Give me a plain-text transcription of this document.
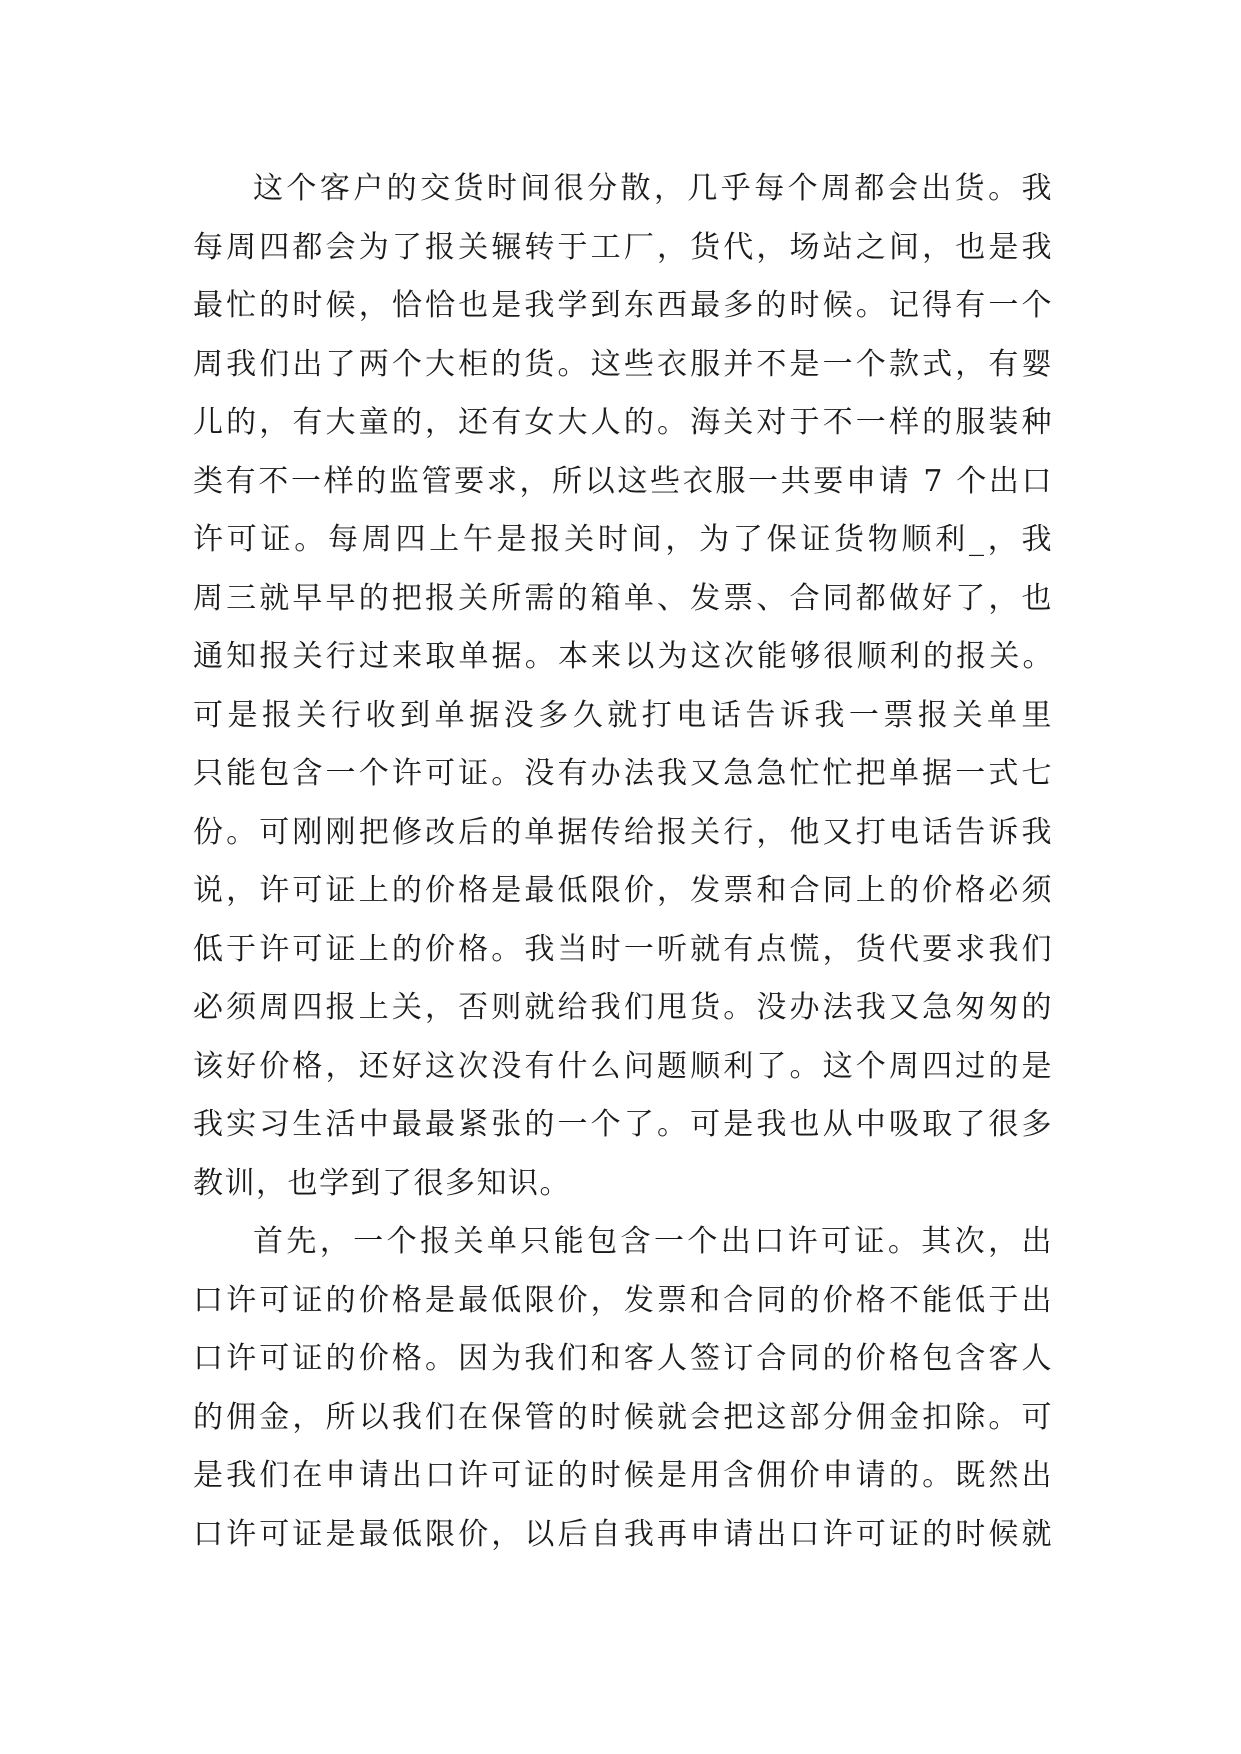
这个客户的交货时间很分散，几乎每个周都会出货。我
每周四都会为了报关辗转于工厂，货代，场站之间，也是我
最忙的时候，恰恰也是我学到东西最多的时候。记得有一个
周我们出了两个大柜的货。这些衣服并不是一个款式，有婴
儿的，有大童的，还有女大人的。海关对于不一样的服装种
类有不一样的监管要求，所以这些衣服一共要申请 7 个出口
许可证。每周四上午是报关时间，为了保证货物顺利_，我
周三就早早的把报关所需的箱单、发票、合同都做好了，也
通知报关行过来取单据。本来以为这次能够很顺利的报关。
可是报关行收到单据没多久就打电话告诉我一票报关单里
只能包含一个许可证。没有办法我又急急忙忙把单据一式七
份。可刚刚把修改后的单据传给报关行，他又打电话告诉我
说，许可证上的价格是最低限价，发票和合同上的价格必须
低于许可证上的价格。我当时一听就有点慌，货代要求我们
必须周四报上关，否则就给我们甩货。没办法我又急匆匆的
该好价格，还好这次没有什么问题顺利了。这个周四过的是
我实习生活中最最紧张的一个了。可是我也从中吸取了很多
教训，也学到了很多知识。
首先，一个报关单只能包含一个出口许可证。其次，出
口许可证的价格是最低限价，发票和合同的价格不能低于出
口许可证的价格。因为我们和客人签订合同的价格包含客人
的佣金，所以我们在保管的时候就会把这部分佣金扣除。可
是我们在申请出口许可证的时候是用含佣价申请的。既然出
口许可证是最低限价，以后自我再申请出口许可证的时候就
